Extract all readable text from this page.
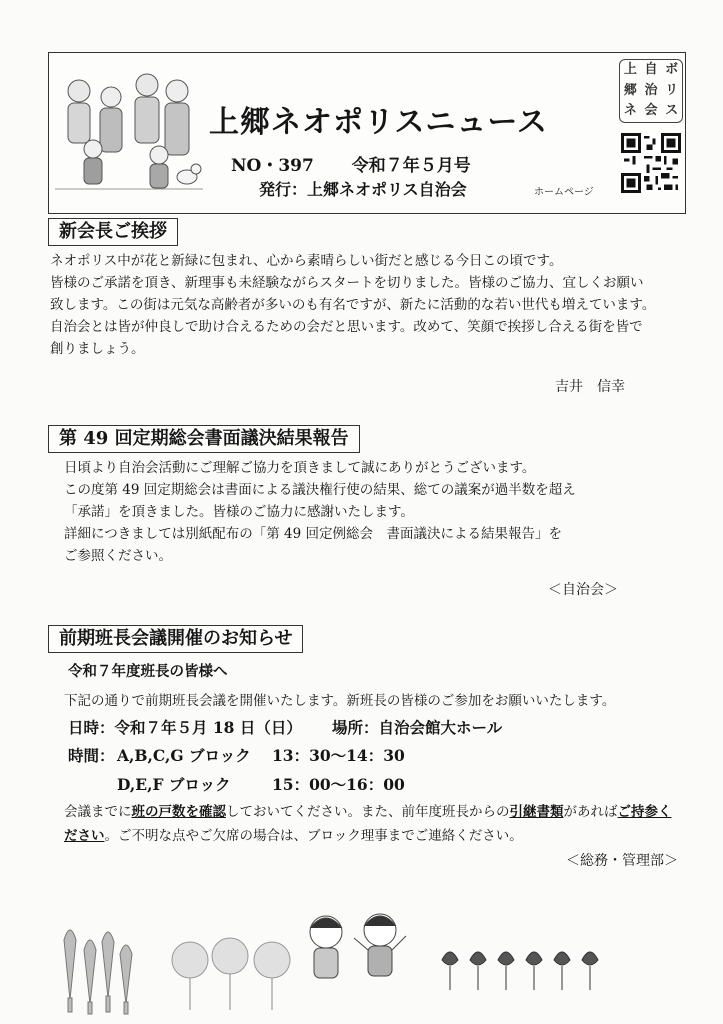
上郷ネオポリスニュース
NO・397 令和７年５月号
発行：上郷ネオポリス自治会	ホームページ
上 自 ボ
郷 治 リ
ネ 会 ス
新会長ご挨拶

ネオポリス中が花と新緑に包まれ、心から素晴らしい街だと感じる今日この頃です。

皆様のご承諾を頂き、新理事も未経験ながらスタートを切りました。皆様のご協力、宜しくお願い

致します。この街は元気な高齢者が多いのも有名ですが、新たに活動的な若い世代も増えています。

自治会とは皆が仲良しで助け合えるための会だと思います。改めて、笑顔で挨拶し合える街を皆で

創りましょう。

吉井　信幸
第 49 回定期総会書面議決結果報告

日頃より自治会活動にご理解ご協力を頂きまして誠にありがとうございます。

この度第 49 回定期総会は書面による議決権行使の結果、総ての議案が過半数を超え

「承諾」を頂きました。皆様のご協力に感謝いたします。

詳細につきましては別紙配布の「第 49 回定例総会　書面議決による結果報告」を

ご参照ください。

＜自治会＞
前期班長会議開催のお知らせ
令和７年度班長の皆様へ
下記の通りで前期班長会議を開催いたします。新班長の皆様のご参加をお願いいたします。
日時：令和７年５月 18 日（日） 場所：自治会館大ホール
時間： A,B,C,G ブロック 13：30～14：30
D,E,F ブロック	15：00～16：00
会議までに班の戸数を確認しておいてください。また、前年度班長からの引継書類があればご持参ください。ご不明な点やご欠席の場合は、ブロック理事までご連絡ください。
＜総務・管理部＞
